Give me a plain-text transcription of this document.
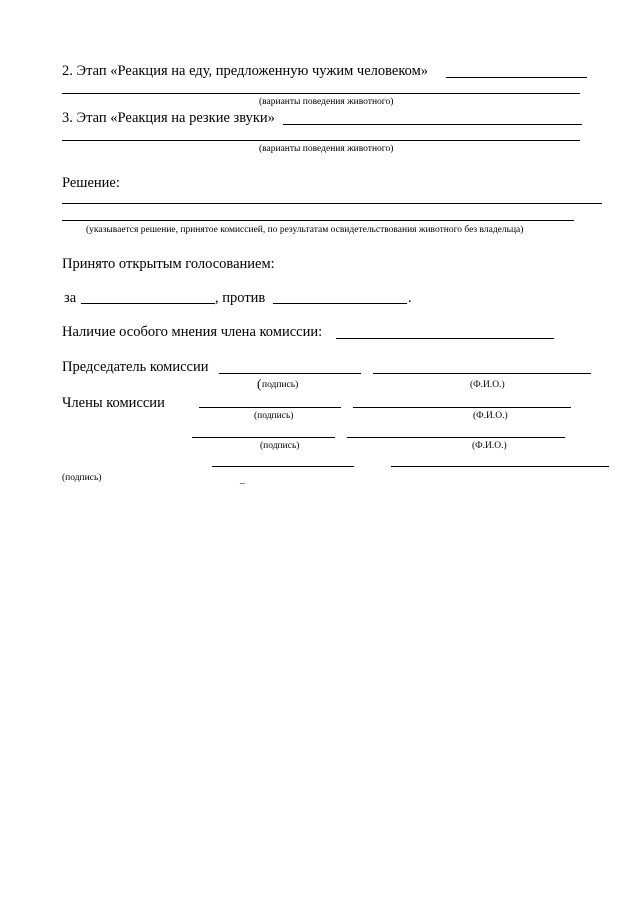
2. Этап «Реакция на еду, предложенную чужим человеком»
(варианты поведения животного)
3. Этап «Реакция на резкие звуки»
(варианты поведения животного)
Решение:
(указывается решение, принятое комиссией, по результатам освидетельствования животного без владельца)
Принято открытым голосованием:
за	, против	.
Наличие особого мнения члена комиссии:
Председатель комиссии
( подпись)	(Ф.И.О.)
Члены комиссии
(подпись)	(Ф.И.О.)
(подпись)	(Ф.И.О.)
(подпись)	_
